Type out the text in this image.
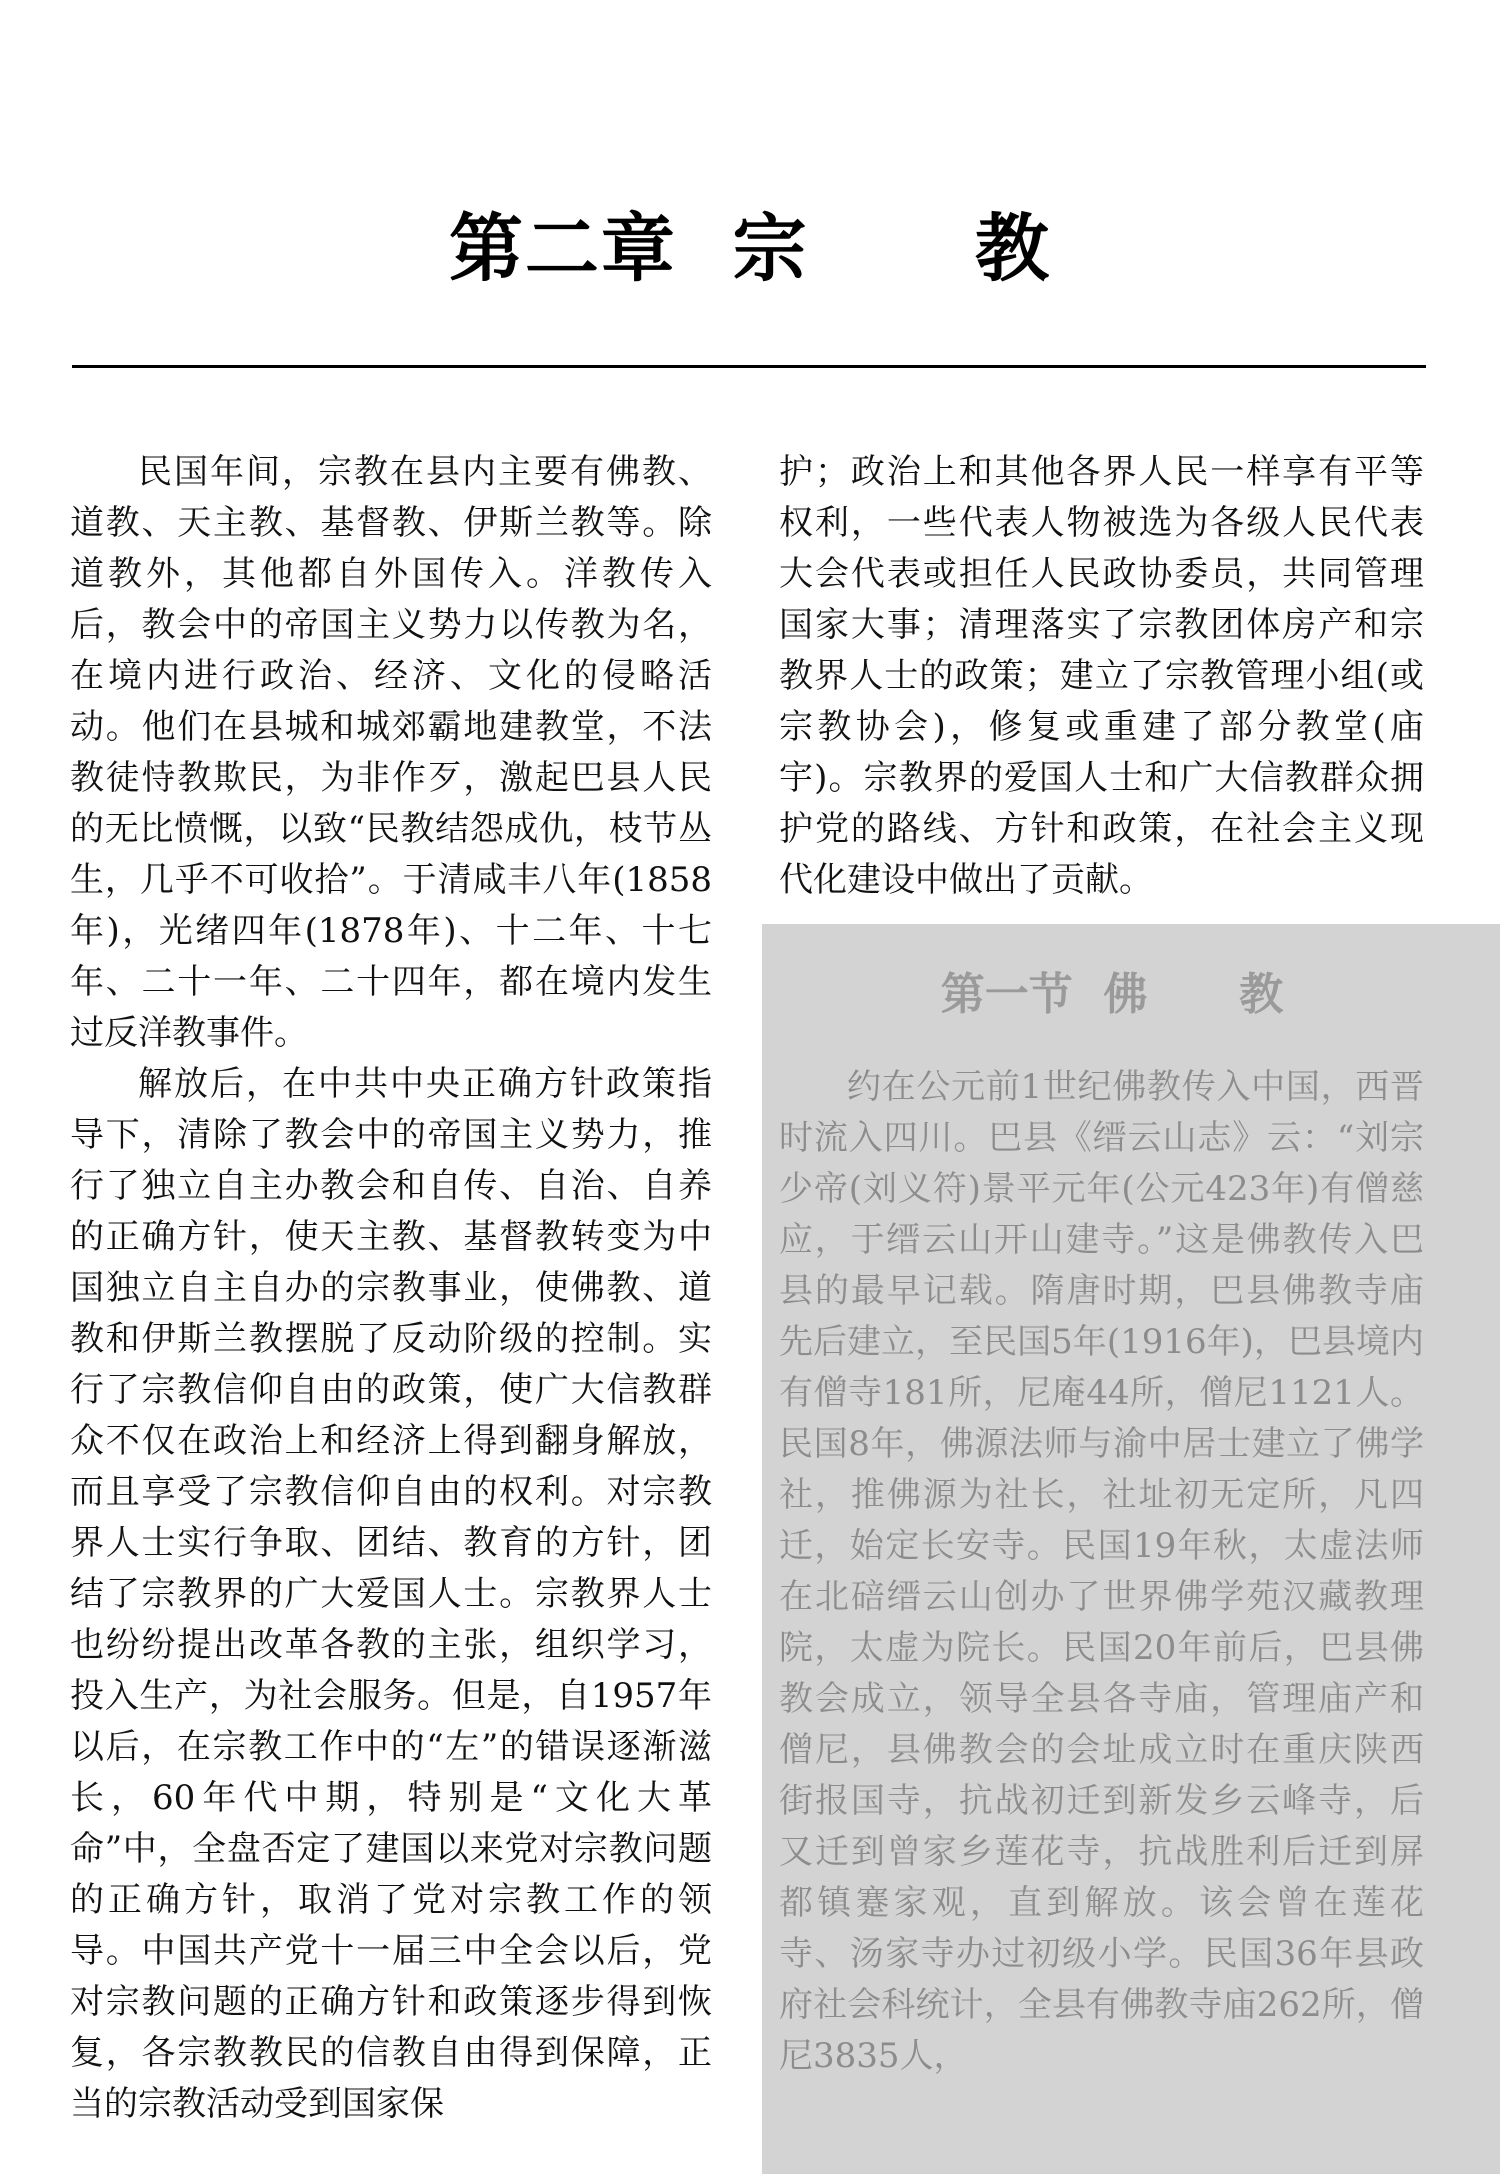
第二章  宗      教

民国年间，宗教在县内主要有佛教、道教、天主教、基督教、伊斯兰教等。除道教外，其他都自外国传入。洋教传入后，教会中的帝国主义势力以传教为名，在境内进行政治、经济、文化的侵略活动。他们在县城和城郊霸地建教堂，不法教徒恃教欺民，为非作歹，激起巴县人民的无比愤慨，以致“民教结怨成仇，枝节丛生，几乎不可收拾”。于清咸丰八年(1858年)，光绪四年(1878年)、十二年、十七年、二十一年、二十四年，都在境内发生过反洋教事件。

解放后，在中共中央正确方针政策指导下，清除了教会中的帝国主义势力，推行了独立自主办教会和自传、自治、自养的正确方针，使天主教、基督教转变为中国独立自主自办的宗教事业，使佛教、道教和伊斯兰教摆脱了反动阶级的控制。实行了宗教信仰自由的政策，使广大信教群众不仅在政治上和经济上得到翻身解放，而且享受了宗教信仰自由的权利。对宗教界人士实行争取、团结、教育的方针，团结了宗教界的广大爱国人士。宗教界人士也纷纷提出改革各教的主张，组织学习，投入生产，为社会服务。但是，自1957年以后，在宗教工作中的“左”的错误逐渐滋长，60年代中期，特别是“文化大革命”中，全盘否定了建国以来党对宗教问题的正确方针，取消了党对宗教工作的领导。中国共产党十一届三中全会以后，党对宗教问题的正确方针和政策逐步得到恢复，各宗教教民的信教自由得到保障，正当的宗教活动受到国家保

护；政治上和其他各界人民一样享有平等权利，一些代表人物被选为各级人民代表大会代表或担任人民政协委员，共同管理国家大事；清理落实了宗教团体房产和宗教界人士的政策；建立了宗教管理小组(或宗教协会)，修复或重建了部分教堂(庙宇)。宗教界的爱国人士和广大信教群众拥护党的路线、方针和政策，在社会主义现代化建设中做出了贡献。

第一节  佛      教

约在公元前1世纪佛教传入中国，西晋时流入四川。巴县《缙云山志》云：“刘宗少帝(刘义符)景平元年(公元423年)有僧慈应，于缙云山开山建寺。”这是佛教传入巴县的最早记载。隋唐时期，巴县佛教寺庙先后建立，至民国5年(1916年)，巴县境内有僧寺181所，尼庵44所，僧尼1121人。民国8年，佛源法师与渝中居士建立了佛学社，推佛源为社长，社址初无定所，凡四迁，始定长安寺。民国19年秋，太虚法师在北碚缙云山创办了世界佛学苑汉藏教理院，太虚为院长。民国20年前后，巴县佛教会成立，领导全县各寺庙，管理庙产和僧尼，县佛教会的会址成立时在重庆陕西街报国寺，抗战初迁到新发乡云峰寺，后又迁到曾家乡莲花寺，抗战胜利后迁到屏都镇蹇家观，直到解放。该会曾在莲花寺、汤家寺办过初级小学。民国36年县政府社会科统计，全县有佛教寺庙262所，僧尼3835人，
